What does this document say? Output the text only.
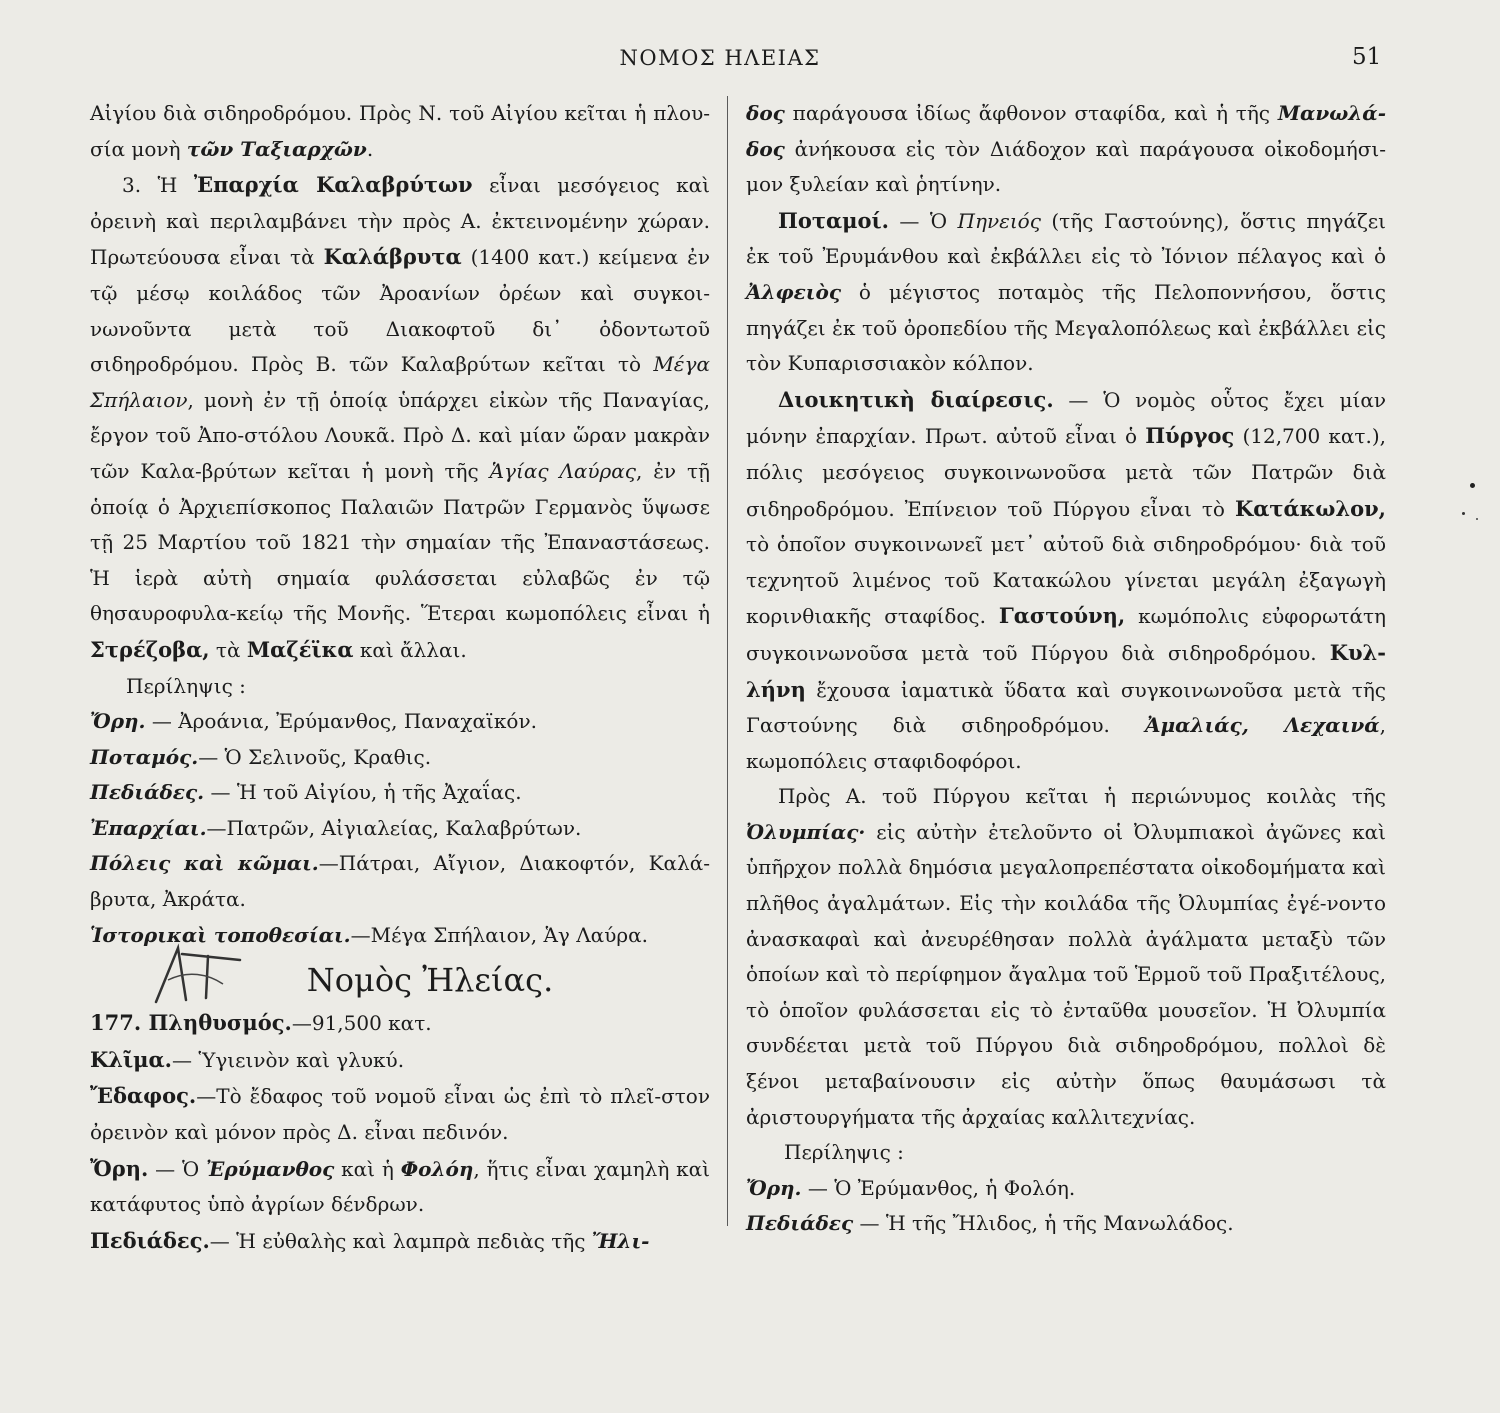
ΝΟΜΟΣ ΗΛΕΙΑΣ	51

Αἰγίου διὰ σιδηροδρόμου. Πρὸς Ν. τοῦ Αἰγίου κεῖται ἡ πλου-σία μονὴ τῶν Ταξιαρχῶν.

3. Ἡ Ἐπαρχία Καλαβρύτων εἶναι μεσόγειος καὶ ὀρεινὴ καὶ περιλαμβάνει τὴν πρὸς Α. ἐκτεινομένην χώραν. Πρωτεύουσα εἶναι τὰ Καλάβρυτα (1400 κατ.) κείμενα ἐν τῷ μέσῳ κοιλάδος τῶν Ἀροανίων ὀρέων καὶ συγκοι-νωνοῦντα μετὰ τοῦ Διακοφτοῦ δι᾽ ὀδοντωτοῦ σιδηροδρόμου. Πρὸς Β. τῶν Καλαβρύτων κεῖται τὸ Μέγα Σπήλαιον, μονὴ ἐν τῇ ὁποίᾳ ὑπάρχει εἰκὼν τῆς Παναγίας, ἔργον τοῦ Ἀπο-στόλου Λουκᾶ. Πρὸ Δ. καὶ μίαν ὥραν μακρὰν τῶν Καλα-βρύτων κεῖται ἡ μονὴ τῆς Ἁγίας Λαύρας, ἐν τῇ ὁποίᾳ ὁ Ἀρχιεπίσκοπος Παλαιῶν Πατρῶν Γερμανὸς ὕψωσε τῇ 25 Μαρτίου τοῦ 1821 τὴν σημαίαν τῆς Ἐπαναστάσεως. Ἡ ἱερὰ αὐτὴ σημαία φυλάσσεται εὐλαβῶς ἐν τῷ θησαυροφυλα-κείῳ τῆς Μονῆς. Ἕτεραι κωμοπόλεις εἶναι ἡ Στρέζοβα, τὰ Μαζέϊκα καὶ ἄλλαι.

Περίληψις :

Ὄρη. — Ἀροάνια, Ἐρύμανθος, Παναχαϊκόν.

Ποταμός.— Ὁ Σελινοῦς, Κραθις.

Πεδιάδες. — Ἡ τοῦ Αἰγίου, ἡ τῆς Ἀχαΐας.

Ἐπαρχίαι.—Πατρῶν, Αἰγιαλείας, Καλαβρύτων.

Πόλεις καὶ κῶμαι.—Πάτραι, Αἴγιον, Διακοφτόν, Καλά-βρυτα, Ἀκράτα.

Ἱστορικαὶ τοποθεσίαι.—Μέγα Σπήλαιον, Ἁγ Λαύρα.

Νομὸς Ἠλείας.

177. Πληθυσμός.—91,500 κατ.

Κλῖμα.— Ὑγιεινὸν καὶ γλυκύ.

Ἔδαφος.—Τὸ ἔδαφος τοῦ νομοῦ εἶναι ὡς ἐπὶ τὸ πλεῖ-στον ὀρεινὸν καὶ μόνον πρὸς Δ. εἶναι πεδινόν.

Ὄρη. — Ὁ Ἐρύμανθος καὶ ἡ Φολόη, ἥτις εἶναι χαμηλὴ καὶ κατάφυτος ὑπὸ ἀγρίων δένδρων.

Πεδιάδες.— Ἡ εὐθαλὴς καὶ λαμπρὰ πεδιὰς τῆς Ἤλι-

δος παράγουσα ἰδίως ἄφθονον σταφίδα, καὶ ἡ τῆς Μανωλά-δος ἀνήκουσα εἰς τὸν Διάδοχον καὶ παράγουσα οἰκοδομήσι-μον ξυλείαν καὶ ῥητίνην.

Ποταμοί. — Ὁ Πηνειός (τῆς Γαστούνης), ὅστις πηγάζει ἐκ τοῦ Ἐρυμάνθου καὶ ἐκβάλλει εἰς τὸ Ἰόνιον πέλαγος καὶ ὁ Ἀλφειὸς ὁ μέγιστος ποταμὸς τῆς Πελοποννήσου, ὅστις πηγάζει ἐκ τοῦ ὀροπεδίου τῆς Μεγαλοπόλεως καὶ ἐκβάλλει εἰς τὸν Κυπαρισσιακὸν κόλπον.

Διοικητικὴ διαίρεσις. — Ὁ νομὸς οὗτος ἔχει μίαν μόνην ἐπαρχίαν. Πρωτ. αὐτοῦ εἶναι ὁ Πύργος (12,700 κατ.), πόλις μεσόγειος συγκοινωνοῦσα μετὰ τῶν Πατρῶν διὰ σιδηροδρόμου. Ἐπίνειον τοῦ Πύργου εἶναι τὸ Κατάκωλον, τὸ ὁποῖον συγκοινωνεῖ μετ᾽ αὐτοῦ διὰ σιδηροδρόμου· διὰ τοῦ τεχνητοῦ λιμένος τοῦ Κατακώλου γίνεται μεγάλη ἐξαγωγὴ κορινθιακῆς σταφίδος. Γαστούνη, κωμόπολις εὐφορωτάτη συγκοινωνοῦσα μετὰ τοῦ Πύργου διὰ σιδηροδρόμου. Κυλ-λήνη ἔχουσα ἰαματικὰ ὕδατα καὶ συγκοινωνοῦσα μετὰ τῆς Γαστούνης διὰ σιδηροδρόμου. Ἀμαλιάς, Λεχαινά, κωμοπόλεις σταφιδοφόροι.

Πρὸς Α. τοῦ Πύργου κεῖται ἡ περιώνυμος κοιλὰς τῆς Ὀλυμπίας· εἰς αὐτὴν ἐτελοῦντο οἱ Ὀλυμπιακοὶ ἀγῶνες καὶ ὑπῆρχον πολλὰ δημόσια μεγαλοπρεπέστατα οἰκοδομήματα καὶ πλῆθος ἀγαλμάτων. Εἰς τὴν κοιλάδα τῆς Ὀλυμπίας ἐγέ-νοντο ἀνασκαφαὶ καὶ ἀνευρέθησαν πολλὰ ἀγάλματα μεταξὺ τῶν ὁποίων καὶ τὸ περίφημον ἄγαλμα τοῦ Ἑρμοῦ τοῦ Πραξιτέλους, τὸ ὁποῖον φυλάσσεται εἰς τὸ ἐνταῦθα μουσεῖον. Ἡ Ὀλυμπία συνδέεται μετὰ τοῦ Πύργου διὰ σιδηροδρόμου, πολλοὶ δὲ ξένοι μεταβαίνουσιν εἰς αὐτὴν ὅπως θαυμάσωσι τὰ ἀριστουργήματα τῆς ἀρχαίας καλλιτεχνίας.

Περίληψις :

Ὄρη. — Ὁ Ἐρύμανθος, ἡ Φολόη.

Πεδιάδες — Ἡ τῆς Ἤλιδος, ἡ τῆς Μανωλάδος.
